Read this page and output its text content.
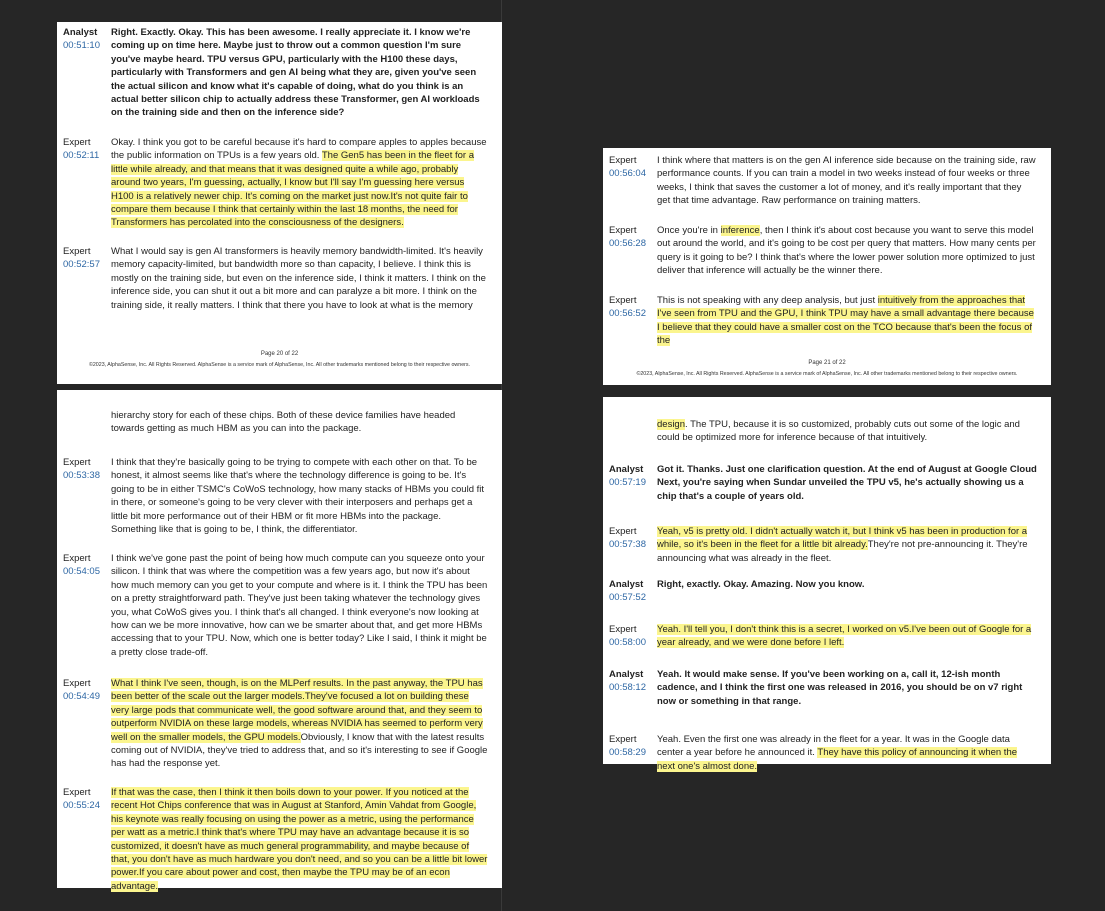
Page 20 of 22
©2023, AlphaSense, Inc. All Rights Reserved. AlphaSense is a service mark of AlphaSense, Inc. All other trademarks mentioned belong to their respective owners.
Analyst
00:51:10

Right. Exactly. Okay. This has been awesome. I really appreciate it. I know we're coming up on time here. Maybe just to throw out a common question I'm sure you've maybe heard. TPU versus GPU, particularly with the H100 these days, particularly with Transformers and gen AI being what they are, given you've seen the actual silicon and know what it's capable of doing, what do you think is an actual better silicon chip to actually address these Transformer, gen AI workloads on the training side and then on the inference side?

Expert
00:52:11

Okay. I think you got to be careful because it's hard to compare apples to apples because the public information on TPUs is a few years old. The Gen5 has been in the fleet for a little while already, and that means that it was designed quite a while ago, probably around two years, I'm guessing, actually, I know but I'll say I'm guessing here versus H100 is a relatively newer chip. It's coming on the market just now.It's not quite fair to compare them because I think that certainly within the last 18 months, the need for Transformers has percolated into the consciousness of the designers.

Expert
00:52:57

What I would say is gen AI transformers is heavily memory bandwidth-limited. It's heavily memory capacity-limited, but bandwidth more so than capacity, I believe. I think this is mostly on the training side, but even on the inference side, I think it matters. I think on the inference side, you can shut it out a bit more and can paralyze a bit more. I think on the training side, it really matters. I think that there you have to look at what is the memory

hierarchy story for each of these chips. Both of these device families have headed towards getting as much HBM as you can into the package.

Expert
00:53:38

I think that they're basically going to be trying to compete with each other on that. To be honest, it almost seems like that's where the technology difference is going to be. It's going to be in either TSMC's CoWoS technology, how many stacks of HBMs you could fit in there, or someone's going to be very clever with their interposers and perhaps get a little bit more performance out of their HBM or fit more HBMs into the package. Something like that is going to be, I think, the differentiator.

Expert
00:54:05

I think we've gone past the point of being how much compute can you squeeze onto your silicon. I think that was where the competition was a few years ago, but now it's about how much memory can you get to your compute and where is it. I think the TPU has been on a pretty straightforward path. They've just been taking whatever the technology gives you, what CoWoS gives you. I think that's all changed. I think everyone's now looking at how can we be more innovative, how can we be smarter about that, and get more HBMs accessing that to your TPU. Now, which one is better today? Like I said, I think it might be a pretty close trade-off.

Expert
00:54:49

What I think I've seen, though, is on the MLPerf results. In the past anyway, the TPU has been better of the scale out the larger models.They've focused a lot on building these very large pods that communicate well, the good software around that, and they seem to outperform NVIDIA on these large models, whereas NVIDIA has seemed to perform very well on the smaller models, the GPU models.Obviously, I know that with the latest results coming out of NVIDIA, they've tried to address that, and so it's interesting to see if Google has had the response yet.

Expert
00:55:24

If that was the case, then I think it then boils down to your power. If you noticed at the recent Hot Chips conference that was in August at Stanford, Amin Vahdat from Google, his keynote was really focusing on using the power as a metric, using the performance per watt as a metric.I think that's where TPU may have an advantage because it is so customized, it doesn't have as much general programmability, and maybe because of that, you don't have as much hardware you don't need, and so you can be a little bit lower power.If you care about power and cost, then maybe the TPU may be of an econ advantage.

Page 21 of 22
©2023, AlphaSense, Inc. All Rights Reserved. AlphaSense is a service mark of AlphaSense, Inc. All other trademarks mentioned belong to their respective owners.
Expert
00:56:04

I think where that matters is on the gen AI inference side because on the training side, raw performance counts. If you can train a model in two weeks instead of four weeks or three weeks, I think that saves the customer a lot of money, and it's really important that they get that time advantage. Raw performance on training matters.

Expert
00:56:28

Once you're in inference, then I think it's about cost because you want to serve this model out around the world, and it's going to be cost per query that matters. How many cents per query is it going to be? I think that's where the lower power solution more optimized to just deliver that inference will actually be the winner there.

Expert
00:56:52

This is not speaking with any deep analysis, but just intuitively from the approaches that I've seen from TPU and the GPU, I think TPU may have a small advantage there because I believe that they could have a smaller cost on the TCO because that's been the focus of the

design. The TPU, because it is so customized, probably cuts out some of the logic and could be optimized more for inference because of that intuitively.

Analyst
00:57:19

Got it. Thanks. Just one clarification question. At the end of August at Google Cloud Next, you're saying when Sundar unveiled the TPU v5, he's actually showing us a chip that's a couple of years old.

Expert
00:57:38

Yeah, v5 is pretty old. I didn't actually watch it, but I think v5 has been in production for a while, so it's been in the fleet for a little bit already.They're not pre-announcing it. They're announcing what was already in the fleet.

Analyst
00:57:52

Right, exactly. Okay. Amazing. Now you know.

Expert
00:58:00

Yeah. I'll tell you, I don't think this is a secret, I worked on v5.I've been out of Google for a year already, and we were done before I left.

Analyst
00:58:12

Yeah. It would make sense. If you've been working on a, call it, 12-ish month cadence, and I think the first one was released in 2016, you should be on v7 right now or something in that range.

Expert
00:58:29

Yeah. Even the first one was already in the fleet for a year. It was in the Google data center a year before he announced it. They have this policy of announcing it when the next one's almost done.
